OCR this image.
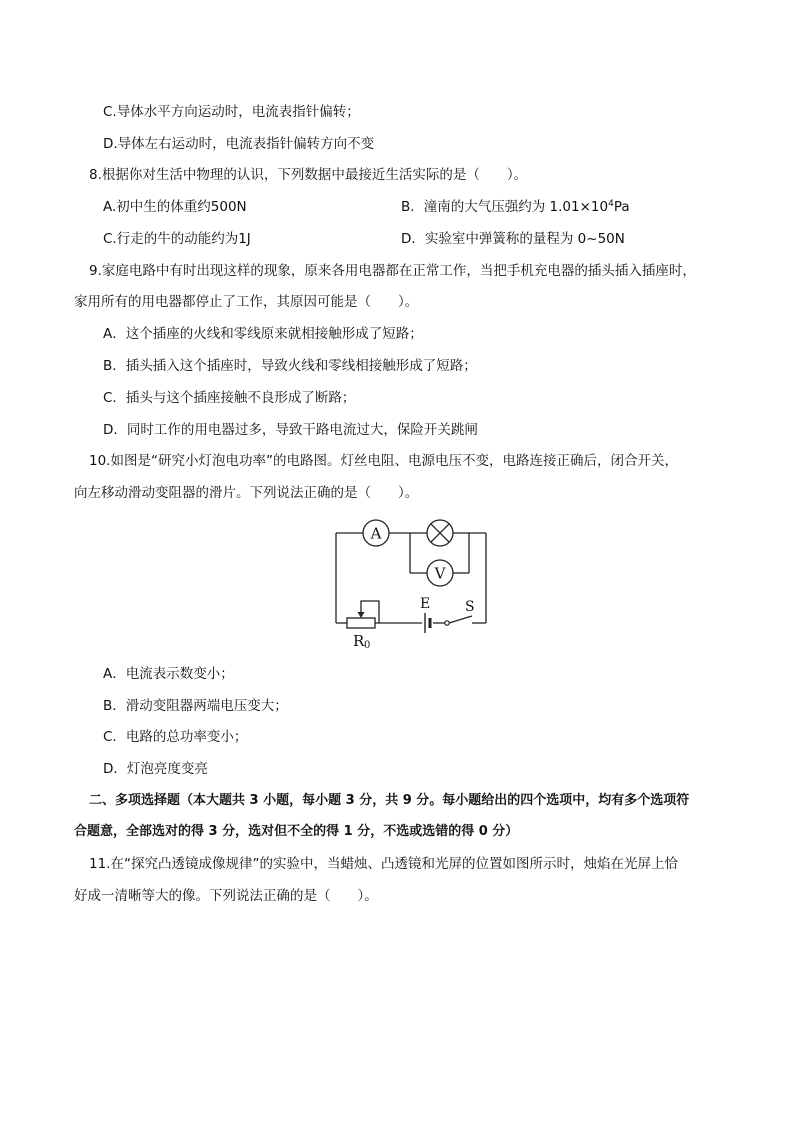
C.导体水平方向运动时，电流表指针偏转；
D.导体左右运动时，电流表指针偏转方向不变
8.根据你对生活中物理的认识，下列数据中最接近生活实际的是（　　）。
A.初中生的体重约500N	B．潼南的大气压强约为 $1.01\times 10^4Pa$
C.行走的牛的动能约为1J	D．实验室中弹簧称的量程为 0~50N
9.家庭电路中有时出现这样的现象，原来各用电器都在正常工作，当把手机充电器的插头插入插座时，
家用所有的用电器都停止了工作，其原因可能是（　　）。
A．这个插座的火线和零线原来就相接触形成了短路；
B．插头插入这个插座时，导致火线和零线相接触形成了短路；
C．插头与这个插座接触不良形成了断路；
D．同时工作的用电器过多，导致干路电流过大，保险开关跳闸
10.如图是“研究小灯泡电功率”的电路图。灯丝电阻、电源电压不变，电路连接正确后，闭合开关，
向左移动滑动变阻器的滑片。下列说法正确的是（　　）。
A
V
R 0
E S
A．电流表示数变小；
B．滑动变阻器两端电压变大；
C．电路的总功率变小；
D．灯泡亮度变亮
二、多项选择题（本大题共 3 小题，每小题 3 分，共 9 分。每小题给出的四个选项中，均有多个选项符
合题意，全部选对的得 3 分，选对但不全的得 1 分，不选或选错的得 0 分）
11.在“探究凸透镜成像规律”的实验中，当蜡烛、凸透镜和光屏的位置如图所示时，烛焰在光屏上恰
好成一清晰等大的像。下列说法正确的是（　　）。
